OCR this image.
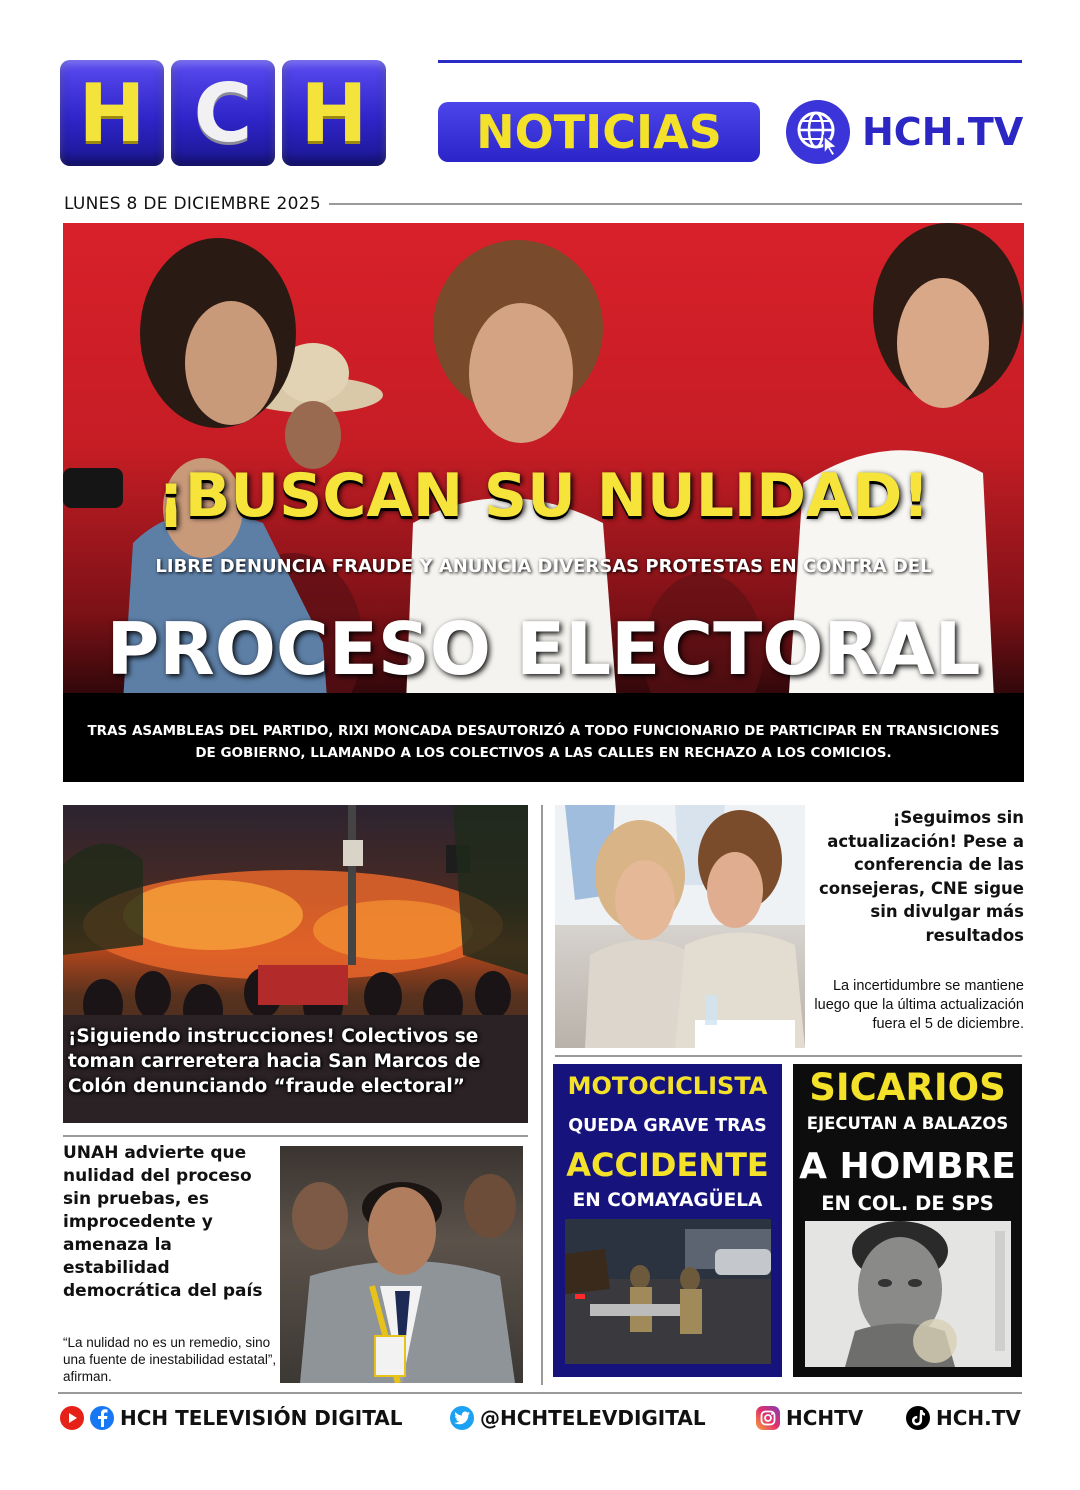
H C H	NOTICIAS	HCH.TV
LUNES 8 DE DICIEMBRE 2025
¡BUSCAN SU NULIDAD!
LIBRE DENUNCIA FRAUDE Y ANUNCIA DIVERSAS PROTESTAS EN CONTRA DEL
PROCESO ELECTORAL
TRAS ASAMBLEAS DEL PARTIDO, RIXI MONCADA DESAUTORIZÓ A TODO FUNCIONARIO DE PARTICIPAR EN TRANSICIONES DE GOBIERNO, LLAMANDO A LOS COLECTIVOS A LAS CALLES EN RECHAZO A LOS COMICIOS.
¡Siguiendo instrucciones! Colectivos se toman carreretera hacia San Marcos de Colón denunciando “fraude electoral”
UNAH advierte que nulidad del proceso sin pruebas, es improcedente y amenaza la estabilidad democrática del país
“La nulidad no es un remedio, sino una fuente de inestabilidad estatal”, afirman.
¡Seguimos sin actualización! Pese a conferencia de las consejeras, CNE sigue sin divulgar más resultados
La incertidumbre se mantiene luego que la última actualización fuera el 5 de diciembre.
MOTOCICLISTA
QUEDA GRAVE TRAS
ACCIDENTE
EN COMAYAGÜELA
SICARIOS
EJECUTAN A BALAZOS
A HOMBRE
EN COL. DE SPS
HCH TELEVISIÓN DIGITAL	@HCHTELEVDIGITAL	HCHTV	HCH.TV
